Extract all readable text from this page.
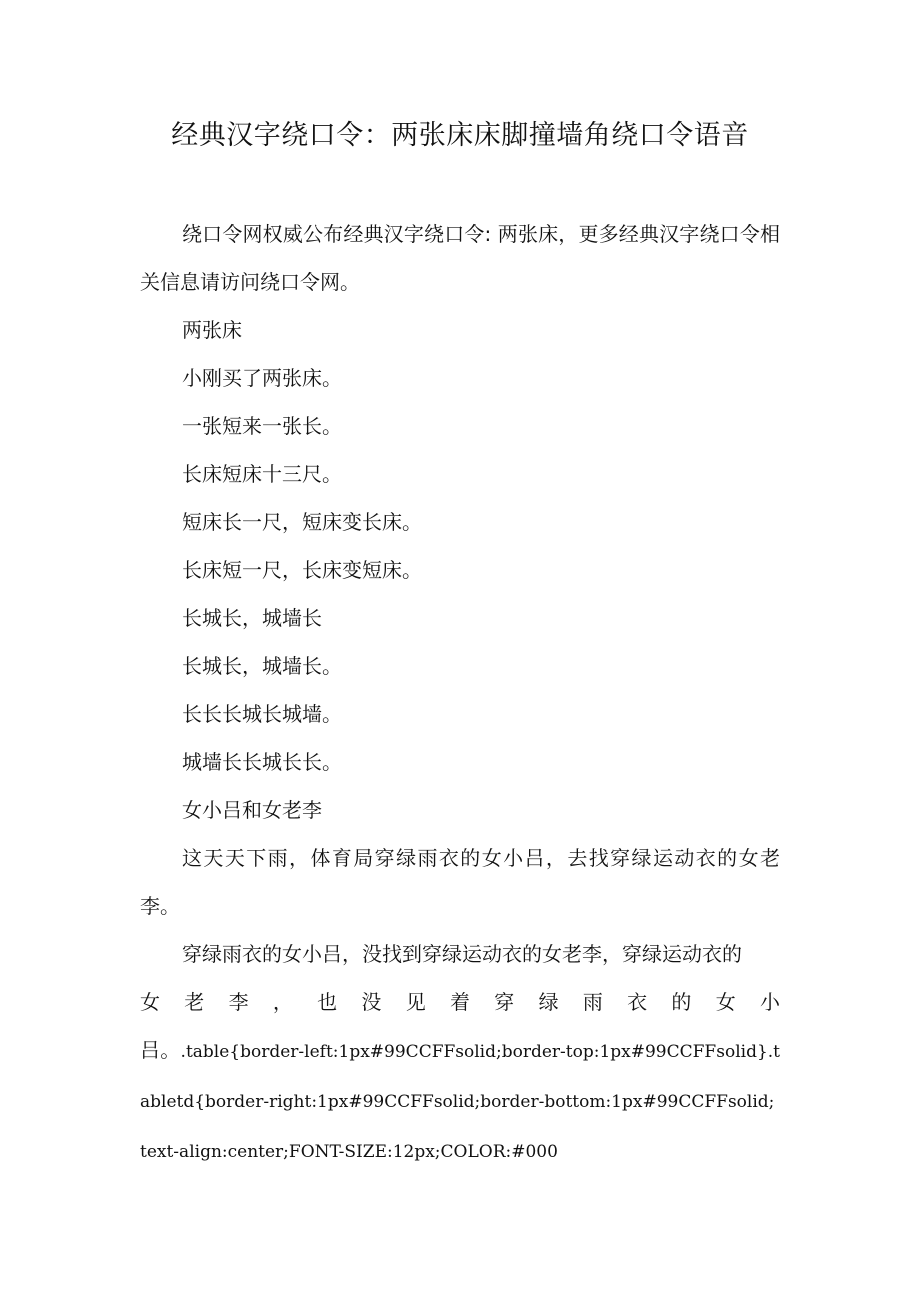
经典汉字绕口令：两张床床脚撞墙角绕口令语音

绕口令网权威公布经典汉字绕口令: 两张床，更多经典汉字绕口令相关信息请访问绕口令网。

两张床

小刚买了两张床。

一张短来一张长。

长床短床十三尺。

短床长一尺，短床变长床。

长床短一尺，长床变短床。

长城长，城墙长

长城长，城墙长。

长长长城长城墙。

城墙长长城长长。

女小吕和女老李

这天天下雨，体育局穿绿雨衣的女小吕，去找穿绿运动衣的女老李。

穿绿雨衣的女小吕，没找到穿绿运动衣的女老李，穿绿运动衣的

女 老 李 ， 也 没 见 着 穿 绿 雨 衣 的 女 小

吕。.table{border-left:1px#99CCFFsolid;border-top:1px#99CCFFsolid}.tabletd{border-right:1px#99CCFFsolid;border-bottom:1px#99CCFFsolid;text-align:center;FONT-SIZE:12px;COLOR:#000
